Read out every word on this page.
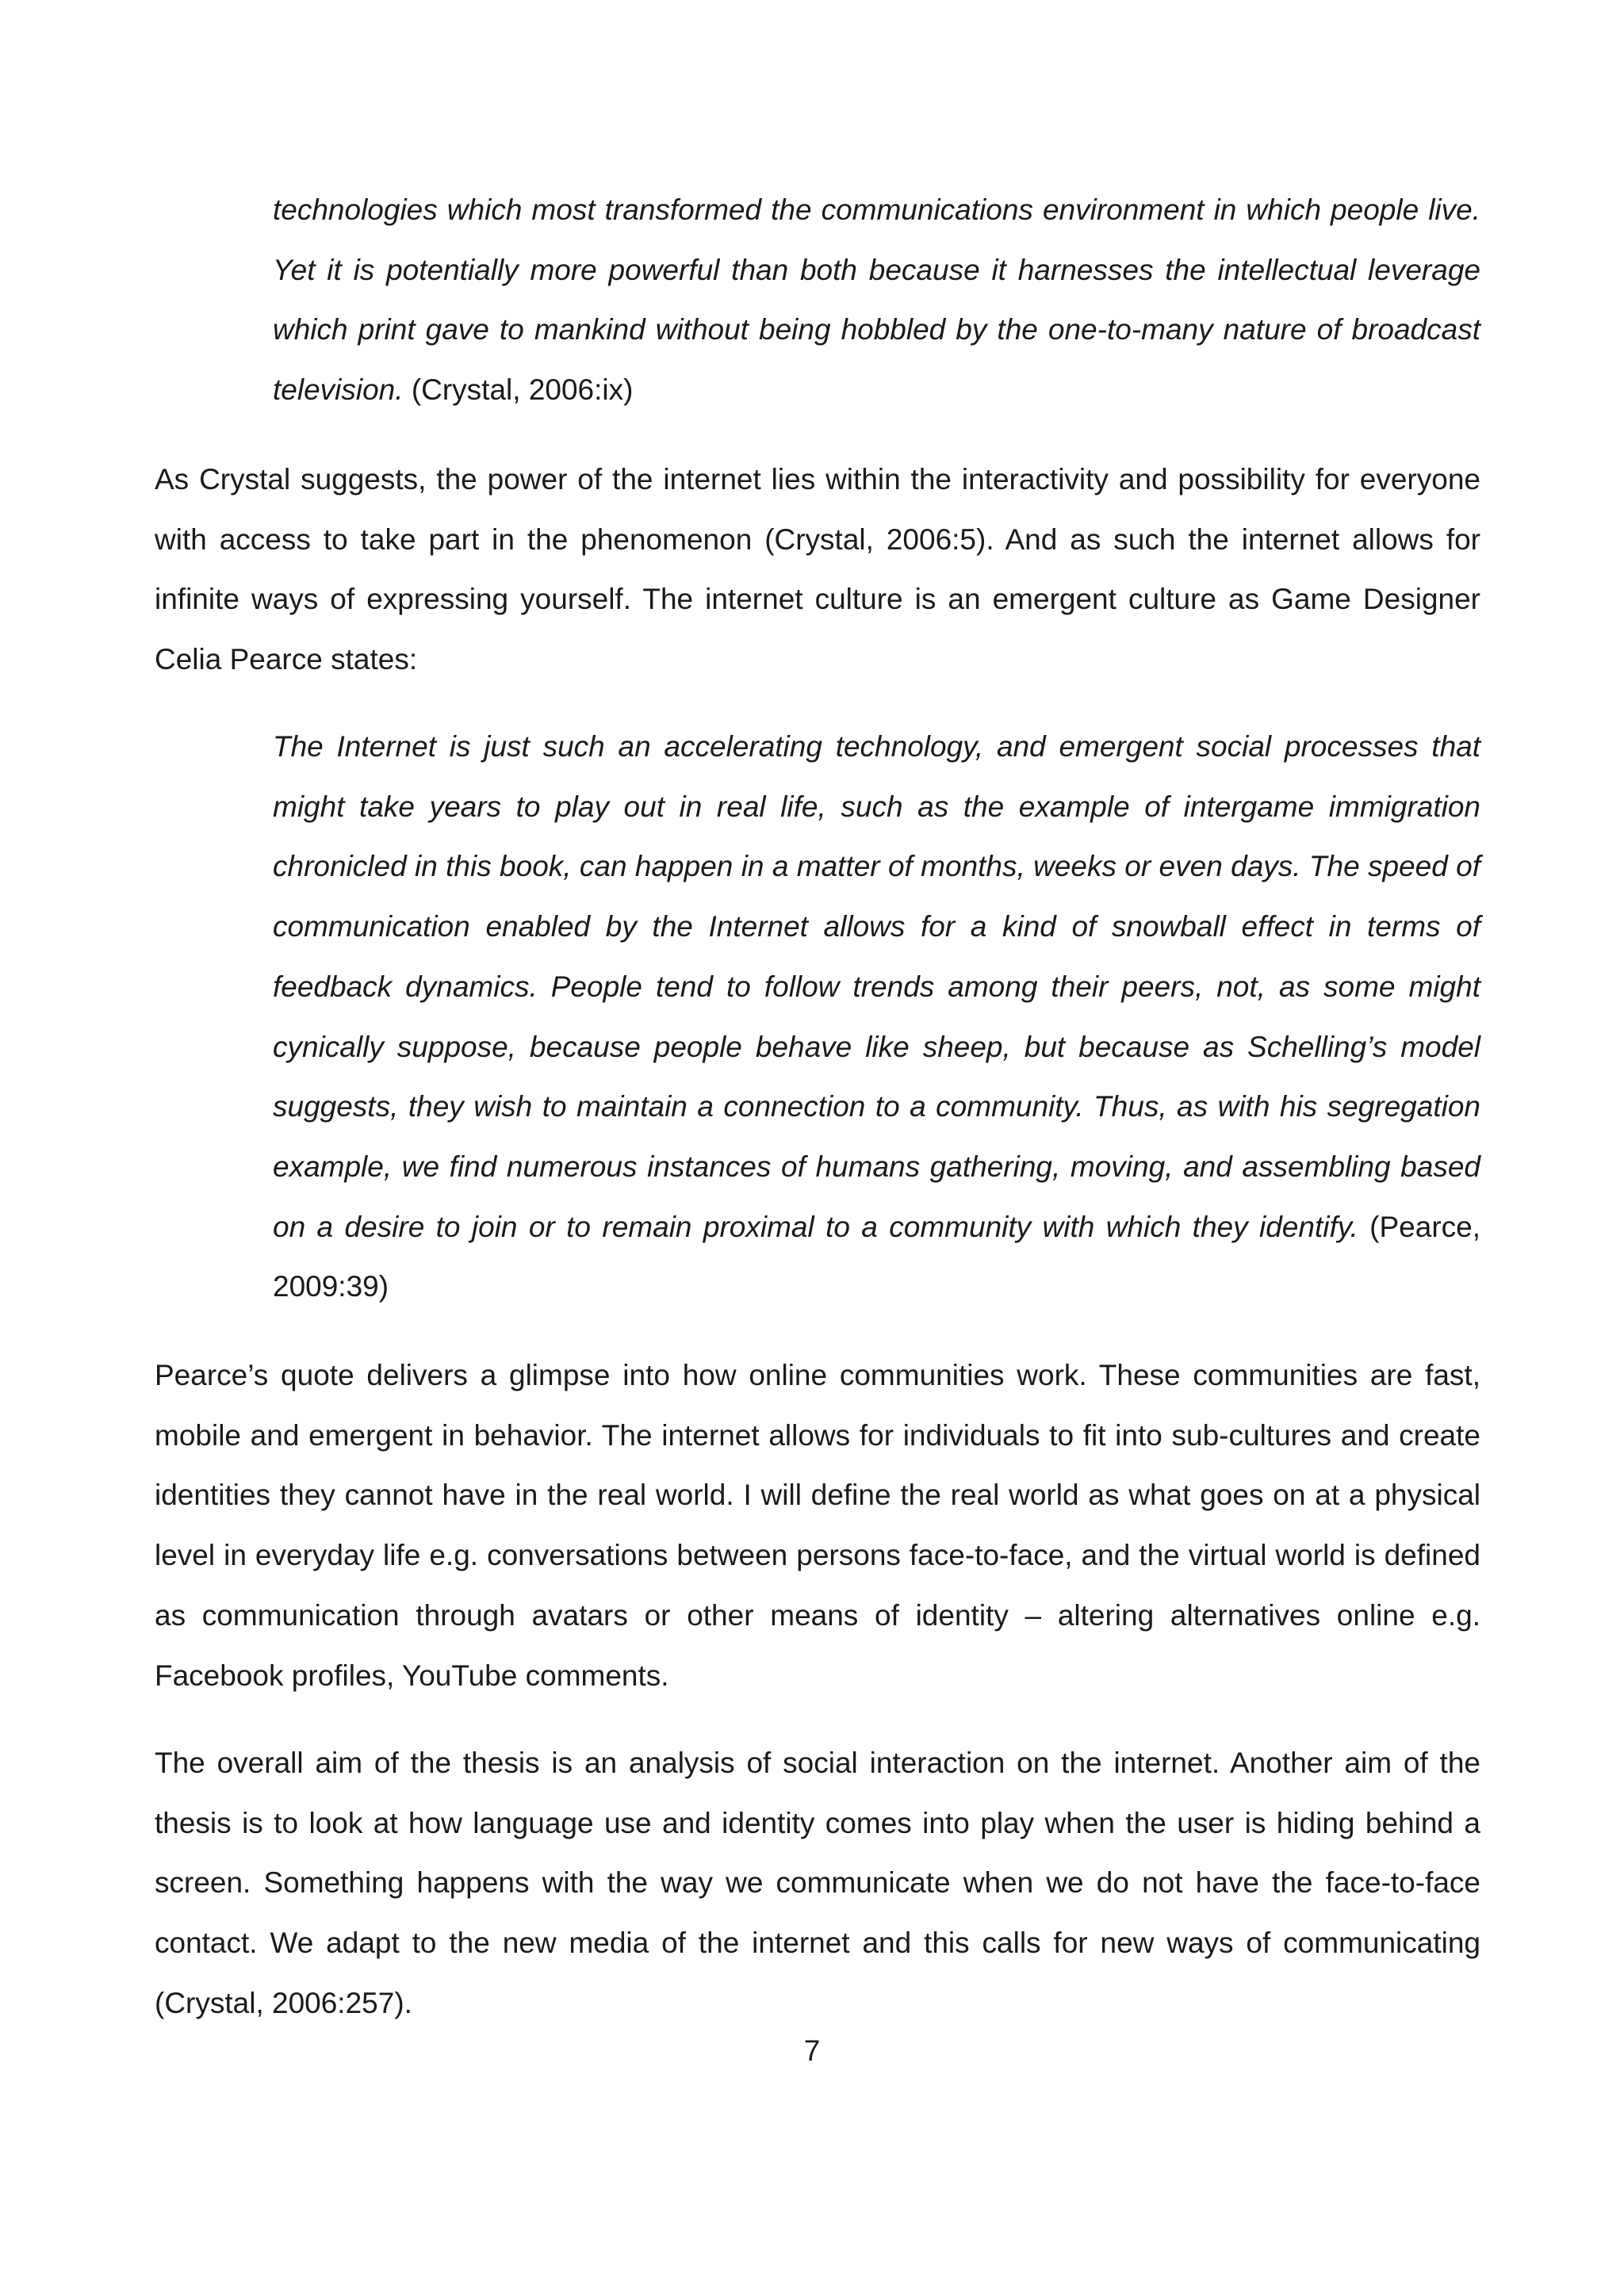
technologies which most transformed the communications environment in which people live. Yet it is potentially more powerful than both because it harnesses the intellectual leverage which print gave to mankind without being hobbled by the one-to-many nature of broadcast television. (Crystal, 2006:ix)

As Crystal suggests, the power of the internet lies within the interactivity and possibility for everyone with access to take part in the phenomenon (Crystal, 2006:5). And as such the internet allows for infinite ways of expressing yourself. The internet culture is an emergent culture as Game Designer Celia Pearce states:

The Internet is just such an accelerating technology, and emergent social processes that might take years to play out in real life, such as the example of intergame immigration chronicled in this book, can happen in a matter of months, weeks or even days. The speed of communication enabled by the Internet allows for a kind of snowball effect in terms of feedback dynamics. People tend to follow trends among their peers, not, as some might cynically suppose, because people behave like sheep, but because as Schelling’s model suggests, they wish to maintain a connection to a community. Thus, as with his segregation example, we find numerous instances of humans gathering, moving, and assembling based on a desire to join or to remain proximal to a community with which they identify. (Pearce, 2009:39)

Pearce’s quote delivers a glimpse into how online communities work. These communities are fast, mobile and emergent in behavior. The internet allows for individuals to fit into sub-cultures and create identities they cannot have in the real world. I will define the real world as what goes on at a physical level in everyday life e.g. conversations between persons face-to-face, and the virtual world is defined as communication through avatars or other means of identity – altering alternatives online e.g. Facebook profiles, YouTube comments.

The overall aim of the thesis is an analysis of social interaction on the internet. Another aim of the thesis is to look at how language use and identity comes into play when the user is hiding behind a screen. Something happens with the way we communicate when we do not have the face-to-face contact. We adapt to the new media of the internet and this calls for new ways of communicating (Crystal, 2006:257).

7
